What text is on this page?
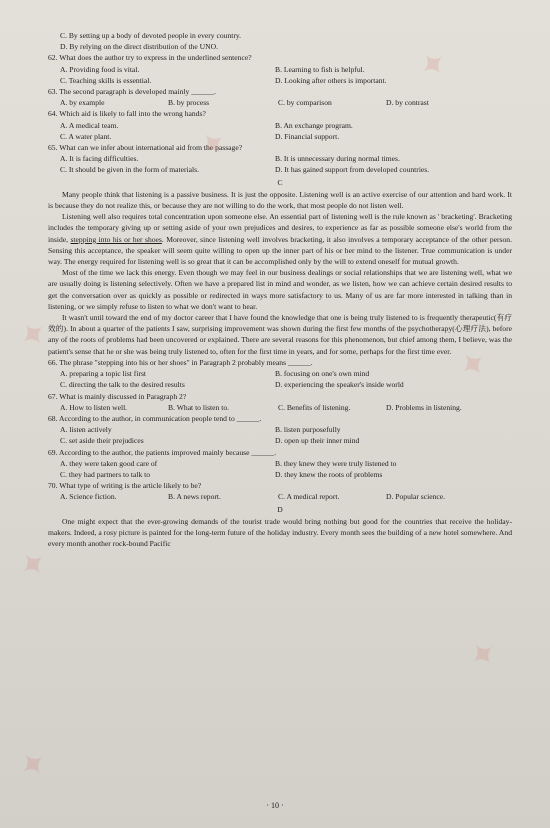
C. By setting up a body of devoted people in every country.
D. By relying on the direct distribution of the UNO.
62. What does the author try to express in the underlined sentence?
A. Providing food is vital.	B. Learning to fish is helpful.
C. Teaching skills is essential.	D. Looking after others is important.
63. The second paragraph is developed mainly ______.
A. by example	B. by process	C. by comparison	D. by contrast
64. Which aid is likely to fall into the wrong hands?
A. A medical team.	B. An exchange program.
C. A water plant.	D. Financial support.
65. What can we infer about international aid from the passage?
A. It is facing difficulties.	B. It is unnecessary during normal times.
C. It should be given in the form of materials.	D. It has gained support from developed countries.
C

Many people think that listening is a passive business. It is just the opposite. Listening well is an active exercise of our attention and hard work. It is because they do not realize this, or because they are not willing to do the work, that most people do not listen well.

Listening well also requires total concentration upon someone else. An essential part of listening well is the rule known as ' bracketing'. Bracketing includes the temporary giving up or setting aside of your own prejudices and desires, to experience as far as possible someone else's world from the inside, stepping into his or her shoes. Moreover, since listening well involves bracketing, it also involves a temporary acceptance of the other person. Sensing this acceptance, the speaker will seem quite willing to open up the inner part of his or her mind to the listener. True communication is under way. The energy required for listening well is so great that it can be accomplished only by the will to extend oneself for mutual growth.

Most of the time we lack this energy. Even though we may feel in our business dealings or social relationships that we are listening well, what we are usually doing is listening selectively. Often we have a prepared list in mind and wonder, as we listen, how we can achieve certain desired results to get the conversation over as quickly as possible or redirected in ways more satisfactory to us. Many of us are far more interested in talking than in listening, or we simply refuse to listen to what we don't want to hear.

It wasn't until toward the end of my doctor career that I have found the knowledge that one is being truly listened to is frequently therapeutic(有疗效的). In about a quarter of the patients I saw, surprising improvement was shown during the first few months of the psychotherapy(心理疗法), before any of the roots of problems had been uncovered or explained. There are several reasons for this phenomenon, but chief among them, I believe, was the patient's sense that he or she was being truly listened to, often for the first time in years, and for some, perhaps for the first time ever.

66. The phrase "stepping into his or her shoes" in Paragraph 2 probably means ______.
A. preparing a topic list first	B. focusing on one's own mind
C. directing the talk to the desired results	D. experiencing the speaker's inside world
67. What is mainly discussed in Paragraph 2?
A. How to listen well.	B. What to listen to.	C. Benefits of listening.	D. Problems in listening.
68. According to the author, in communication people tend to ______.
A. listen actively	B. listen purposefully
C. set aside their prejudices	D. open up their inner mind
69. According to the author, the patients improved mainly because ______.
A. they were taken good care of	B. they knew they were truly listened to
C. they had partners to talk to	D. they knew the roots of problems
70. What type of writing is the article likely to be?
A. Science fiction.	B. A news report.	C. A medical report.	D. Popular science.
D

One might expect that the ever-growing demands of the tourist trade would bring nothing but good for the countries that receive the holiday-makers. Indeed, a rosy picture is painted for the long-term future of the holiday industry. Every month sees the building of a new hotel somewhere. And every month another rock-bound Pacific

· 10 ·
✦
✦
✦
✦
✦
✦
✦
